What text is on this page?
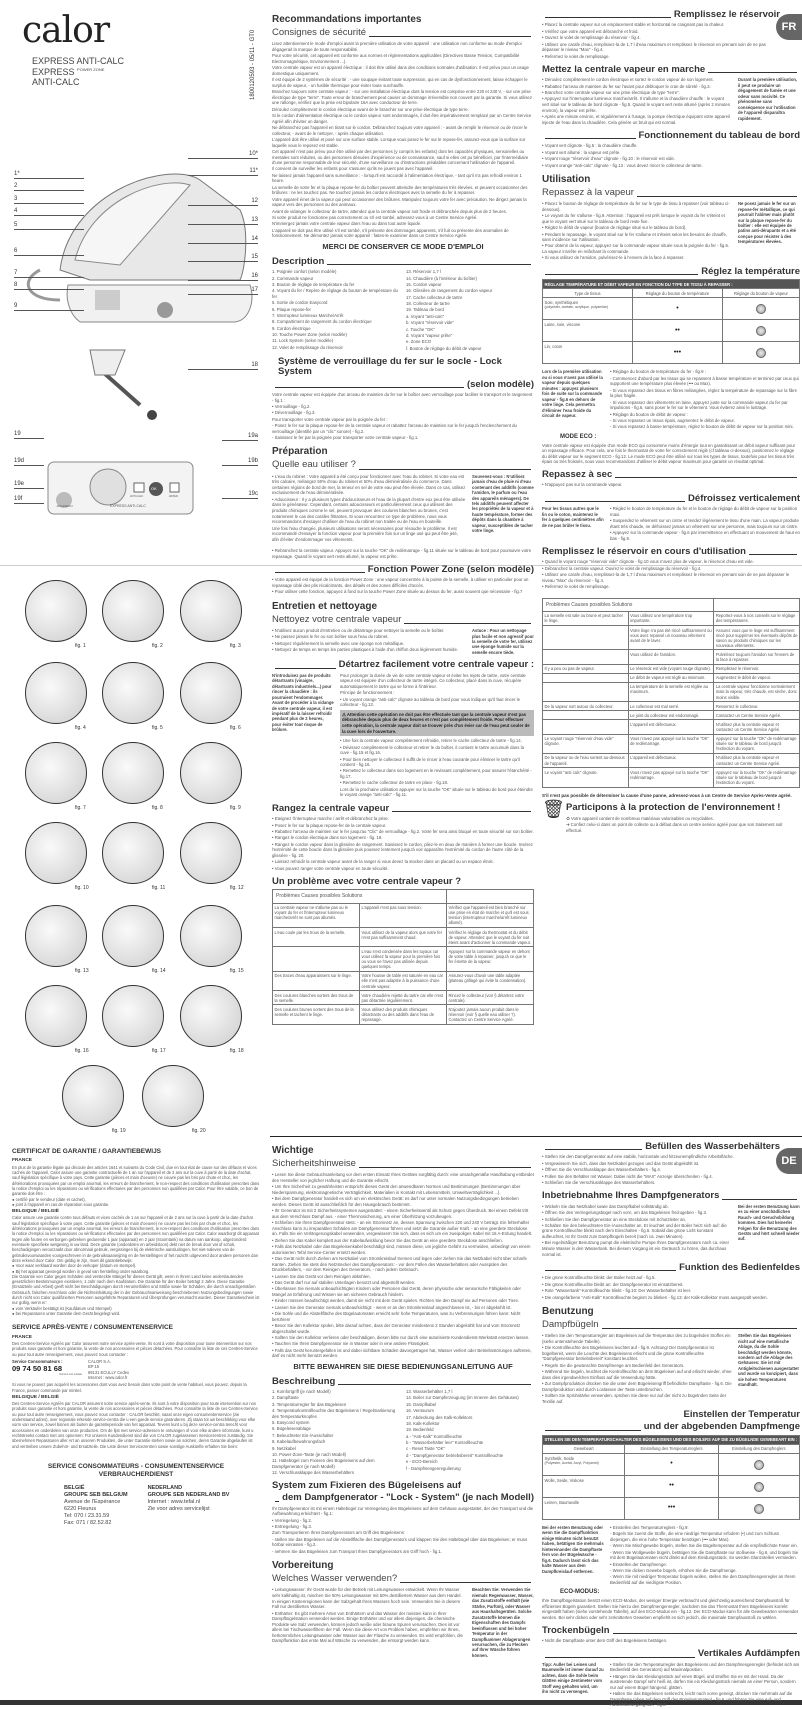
calor
EXPRESS ANTI-CALC
EXPRESS $^{POWER ZONE}$
ANTI-CALC	1800120593 - 05/11 - GT0
OK
ANTI-CALC	WATER
EXPRESS ANTI-CALC
-20% ENERGY
1*
2
3
4
5
6
7
8
9
10*
11*
12
13
14
15
16
17
18
19
19d
19e
19f
19a
19b
19c
fig. 1	fig. 2	fig. 3
fig. 4	fig. 5	fig. 6
fig. 7	fig. 8	fig. 9
fig. 10	fig. 11	fig. 12
fig. 13	fig. 14	fig. 15
fig. 16	fig. 17	fig. 18
fig. 19	fig. 20
FR
DE
Recommandations importantes
Consignes de sécurité
Lisez attentivement le mode d'emploi avant la première utilisation de votre appareil : une utilisation non conforme au mode d'emploi dégagerait la marque de toute responsabilité.
Pour votre sécurité, cet appareil est conforme aux normes et réglementations applicables (Directives Basse Tension, Compatibilité Electromagnétique, Environnement ...).
Votre centrale vapeur est un appareil électrique : il doit être utilisé dans des conditions normales d'utilisation. Il est prévu pour un usage domestique uniquement.
Il est équipé de 2 systèmes de sécurité : - une soupape évitant toute surpression, qui en cas de dysfonctionnement, laisse échapper le surplus de vapeur, - un fusible thermique pour éviter toute surchauffe.
Branchez toujours votre centrale vapeur : - sur une installation électrique dont la tension est comprise entre 220 et 240 V, - sur une prise électrique de type "terre". Toute erreur de branchement peut causer un dommage irréversible non couvert par la garantie. Si vous utilisez une rallonge, vérifiez que la prise est bipolaire 16A avec conducteur de terre.
Déroulez complètement le cordon électrique avant de le brancher sur une prise électrique de type terre.
Si le cordon d'alimentation électrique ou le cordon vapeur sont endommagés, il doit être impérativement remplacé par un Centre Service Agréé afin d'éviter un danger.
Ne débranchez pas l'appareil en tirant sur le cordon. Débranchez toujours votre appareil : - avant de remplir le réservoir ou de rincer le collecteur, - avant de le nettoyer, - après chaque utilisation.
L'appareil doit être utilisé et posé sur une surface stable. Lorsque vous posez le fer sur le repose-fer, assurez-vous que la surface sur laquelle vous le reposez est stable.
Cet appareil n'est pas prévu pour être utilisé par des personnes (y compris les enfants) dont les capacités physiques, sensorielles ou mentales sont réduites, ou des personnes dénuées d'expérience ou de connaissance, sauf si elles ont pu bénéficier, par l'intermédiaire d'une personne responsable de leur sécurité, d'une surveillance ou d'instructions préalables concernant l'utilisation de l'appareil.
Il convient de surveiller les enfants pour s'assurer qu'ils ne jouent pas avec l'appareil.
Ne laissez jamais l'appareil sans surveillance : - lorsqu'il est raccordé à l'alimentation électrique, - tant qu'il n'a pas refroidi environ 1 heure.
La semelle de votre fer et la plaque repose-fer du boîtier peuvent atteindre des températures très élevées, et peuvent occasionner des brûlures : ne les touchez pas. Ne touchez jamais les cordons électriques avec la semelle du fer à repasser.
Votre appareil émet de la vapeur qui peut occasionner des brûlures. Manipulez toujours votre fer avec précaution. Ne dirigez jamais la vapeur vers des personnes ou des animaux.
Avant de vidanger le collecteur de tartre, attendez que la centrale vapeur soit froide et débranchée depuis plus de 2 heures.
Si votre produit ne fonctionne pas correctement ou s'il est tombé, adressez-vous à un Centre Service Agréé.
N'immergez jamais votre centrale vapeur dans l'eau ou dans tout autre liquide.
L'appareil ne doit pas être utilisé s'il est tombé, s'il présente des dommages apparents, s'il fuit ou présente des anomalies de fonctionnement. Ne démontez jamais votre appareil : faites-le examiner dans un Centre Service Agréé.
MERCI DE CONSERVER CE MODE D'EMPLOI
Description
1. Poignée confort (selon modèle)
2. Commande vapeur
3. Bouton de réglage de température du fer
4. Voyant du fer / Repère de réglage du bouton de température du fer
5. Sortie de cordon Easycord
6. Plaque repose-fer
7. Interrupteur lumineux Marche/Arrêt
8. Compartiment de rangement du cordon électrique
9. Cordon électrique
10. Touche Power Zone (selon modèle)
11. Lock System (selon modèle)
12. Volet de remplissage du réservoir
13. Réservoir 1,7 l
14. Chaudière (à l'intérieur du boîtier)
15. Cordon vapeur
16. Glissière de rangement du cordon vapeur
17. Cache collecteur de tartre
18. Collecteur de tartre
19. Tableau de bord
a. Voyant "anti-calc"
b. Voyant "réservoir vide"
c. Touche "OK"
d. Voyant "vapeur prête"
e. Zone ECO
f. Bouton de réglage du débit de vapeur
Système de verrouillage du fer sur le socle - Lock System
(selon modèle)
Votre centrale vapeur est équipée d'un arceau de maintien du fer sur le boîtier avec verrouillage pour faciliter le transport et le rangement - fig.1 :
• Verrouillage - fig.2.
• Déverrouillage - fig.3.
Pour transporter votre centrale vapeur par la poignée du fer :
- Posez le fer sur la plaque repose-fer de la centrale vapeur et rabattez l'arceau de maintien sur le fer jusqu'à l'enclenchement du verrouillage (identifié par un "clic" sonore) - fig.2.
- Saisissez le fer par la poignée pour transporter votre centrale vapeur - fig.1.
Préparation
Quelle eau utiliser ?
• L'eau du robinet : Votre appareil a été conçu pour fonctionner avec l'eau du robinet. Si votre eau est très calcaire, mélangez 50% d'eau du robinet et 50% d'eau déminéralisée du commerce. Dans certaines régions de bord de mer, la teneur en sel de votre eau peut être élevée. Dans ce cas, utilisez exclusivement de l'eau déminéralisée.
• Adoucisseur : Il y a plusieurs types d'adoucisseurs et l'eau de la plupart d'entre eux peut être utilisée dans le générateur. Cependant, certains adoucisseurs et particulièrement ceux qui utilisent des produits chimiques comme le sel, peuvent provoquer des coulures blanches ou brunes, c'est notamment le cas des carafes filtrantes. Si vous rencontrez ce type de problème, nous vous recommandons d'essayer d'utiliser de l'eau du robinet non traitée ou de l'eau en bouteille.
Une fois l'eau changée, plusieurs utilisations seront nécessaires pour résoudre le problème. Il est recommandé d'essayer la fonction vapeur pour la première fois sur un linge usé qui peut être jeté, afin d'éviter d'endommager vos vêtements.
Souvenez-vous : N'utilisez jamais d'eau de pluie ni d'eau contenant des additifs (comme l'amidon, le parfum ou l'eau des appareils ménagers). De tels additifs peuvent affecter les propriétés de la vapeur et à haute température, former des dépôts dans la chambre à vapeur, susceptibles de tacher votre linge.
• Rebranchez la centrale vapeur. Appuyez sur la touche "OK" de redémarrage - fig.11 située sur le tableau de bord pour poursuivre votre repassage. Quand le voyant vert reste allumé, la vapeur est prête.
Fonction Power Zone (selon modèle)
• Votre appareil est équipé de la fonction Power Zone : une vapeur concentrée à la pointe de la semelle, à utiliser en particulier pour un repassage ciblé des plis récalcitrants, des détails et des zones difficiles d'accès.
• Pour utiliser cette fonction, appuyez à fond sur la touche Power Zone située au dessus du fer, aussi souvent que nécessaire - fig.7
Entretien et nettoyage
Nettoyez votre centrale vapeur
• N'utilisez aucun produit d'entretien ou de détartrage pour nettoyer la semelle ou le boîtier.
• Ne passez jamais le fer ou son boîtier sous l'eau du robinet.
• Nettoyez régulièrement la semelle avec une éponge non métallique.
• Nettoyez de temps en temps les parties plastiques à l'aide d'un chiffon doux légèrement humide.
Astuce : Pour un nettoyage plus facile et non agressif pour la semelle de votre fer, utilisez une éponge humide sur la semelle encore tiède.
Détartrez facilement votre centrale vapeur :
N'introduisez pas de produits détartrants (vinaigre, détartrants industriels...) pour rincer la chaudière : ils pourraient l'endommager. Avant de procéder à la vidange de votre centrale vapeur, il est impératif de la laisser refroidir pendant plus de 2 heures, pour éviter tout risque de brûlure.
Pour prolonger la durée de vie de votre centrale vapeur et éviter les rejets de tartre, votre centrale vapeur est équipée d'un collecteur de tartre intégré. Ce collecteur, placé dans la cuve, récupère automatiquement le tartre qui se forme à l'intérieur.
Principe de fonctionnement :
• Un voyant orange "anti-calc" clignote au tableau de bord pour vous indiquer qu'il faut rincer le collecteur - fig.13.
⚠ Attention cette opération ne doit pas être effectuée tant que la centrale vapeur n'est pas débranchée depuis plus de deux heures et n'est pas complètement froide. Pour effectuer cette opération, la centrale vapeur doit se trouver près d'un évier car de l'eau peut couler de la cuve lors de l'ouverture.
• Une fois la centrale vapeur complètement refroidie, retirer le cache collecteur de tartre - fig.14.
• Dévissez complètement le collecteur et retirer le du boîtier, il contient le tartre accumulé dans la cuve - fig.15 et fig.16.
• Pour bien nettoyer le collecteur il suffit de le rincer à l'eau courante pour éliminer le tartre qu'il contient - fig.16.
• Remettez le collecteur dans son logement en le revissant complètement, pour assurer l'étanchéité - fig.17.
• Remettez le cache collecteur de tartre en place - fig.18.
Lors de la prochaine utilisation appuyer sur la touche "OK" située sur le tableau de bord pour éteindre le voyant orange "anti-calc" - fig.11.
Rangez la centrale vapeur
• Eteignez l'interrupteur marche / arrêt et débranchez la prise.
• Posez le fer sur la plaque repose-fer de la centrale vapeur.
• Rabattez l'arceau de maintien sur le fer jusqu'au "Clic" de verrouillage - fig.2. Votre fer sera ainsi bloqué en toute sécurité sur son boîtier.
• Rangez le cordon électrique dans son logement - fig. 19.
• Rangez le cordon vapeur dans la glissière de rangement. Saisissez le cordon, pliez-le en deux de manière à former une boucle. Insérez l'extrémité de cette boucle dans la glissière puis poussez lentement jusqu'à voir apparaître l'extrémité du cordon de l'autre côté de la glissière - fig. 20.
• Laissez refroidir la centrale vapeur avant de la ranger si vous devez la stocker dans un placard ou un espace étroit.
• Vous pouvez ranger votre centrale vapeur en toute sécurité.
Un problème avec votre centrale vapeur ?
Problèmes Causes possibles Solutions		
La centrale vapeur ne s'allume pas ou le voyant du fer et l'interrupteur lumineux marche/arrêt ne sont pas allumés.	L'appareil n'est pas sous tension.	Vérifiez que l'appareil est bien branché sur une prise en état de marche et qu'il est sous tension (interrupteur marche/arrêt lumineux allumé).
L'eau coule par les trous de la semelle.	Vous utilisez de la vapeur alors que votre fer n'est pas suffisamment chaud.	Vérifiez le réglage du thermostat et du débit de vapeur. Attendez que le voyant du fer soit éteint avant d'actionner la commande vapeur.
	L'eau s'est condensée dans les tuyaux car vous utilisez la vapeur pour la première fois ou vous ne l'avez pas utilisée depuis quelques temps.	Appuyez sur la commande vapeur en dehors de votre table à repasser, jusqu'à ce que le fer émette de la vapeur.
Des traces d'eau apparaissent sur le linge.	Votre housse de table est saturée en eau car elle n'est pas adaptée à la puissance d'une centrale vapeur.	Assurez-vous d'avoir une table adaptée (plateau grillagé qui évite la condensation).
Des coulures blanches sortent des trous de la semelle.	Votre chaudière rejette du tartre car elle n'est pas détartrée régulièrement.	Rincez le collecteur (voir § détartrez votre centrale).
Des coulures brunes sortent des trous de la semelle et tachent le linge.	Vous utilisez des produits chimiques détartrants ou des additifs dans l'eau de repassage.	N'ajoutez jamais aucun produit dans le réservoir (voir § quelle eau utiliser ?). Contactez un Centre Service Agréé.
Wichtige
Sicherheitshinweise
• Lesen Sie diese Gebrauchsanleitung vor dem ersten Einsatz Ihres Gerätes sorgfältig durch: eine unsachgemäße Handhabung entbindet den Hersteller von jeglicher Haftung und die Garantie erlischt.
• Um Ihre Sicherheit zu gewährleisten entspricht dieses Gerät den anwendbaren Normen und Bestimmungen (Bestimmungen über Niederspannung, elektromagnetische Verträglichkeit, Materialien in Kontakt mit Lebensmitteln, Umweltverträglichkeit ...).
• Bei dem Dampfgenerator handelt es sich um ein elektrisches Gerät: es darf nur unter normalen Nutzungsbedingungen betrieben werden. Dieses Gerät ist ausschließlich für den Hausgebrauch bestimmt.
• Ihr Generator ist mit 2 Sicherheitssystemen ausgestattet: - einem Sicherheitsventil als Schutz gegen Überdruck. Bei einem Defekt tritt aus dem Verschluss Dampf aus. - einer Thermosicherung, um einer Überhitzung vorzubeugen.
• Schließen Sie Ihren Dampfgenerator stets: - an ein Stromnetz an, dessen Spannung zwischen 220 und 240 V beträgt. Ein fehlerhafter Anschluss kann zu irreparablen Schäden am Dampfgenerator führen und setzt die Garantie außer Kraft. - an eine geerdete Steckdose an. Falls Sie ein Verlängerungskabel verwenden, vergewissern Sie sich, dass es sich um ein zweipoliges Kabel mit 16 A-Erdung handelt.
• Ziehen Sie das Kabel komplett aus der Kabelaufwicklung bevor Sie das Gerät an eine geerdete Steckdose anschließen.
• Falls das Netzkabel oder das Bügeleisenkabel beschädigt sind, müssen diese, um jegliche Gefahr zu vermeiden, unbedingt von einem autorisierten Tefal Service-Center ersetzt werden.
• Das Gerät nicht durch Ziehen am Netzkabel vom Stromkreislauf trennen und legen oder ziehen Sie das Netzkabel nicht über scharfe Kanten. Ziehen Sie stets den Netzstecker des Dampfgenerators: - vor dem Füllen des Wasserbehälters oder Ausspülen des Druckbehälters, - vor dem Reinigen des Generators, - nach jedem Gebrauch.
• Lassen Sie das Gerät vor dem Reinigen abkühlen.
• Das Gerät darf nur auf stabilen Unterlagen benutzt und abgestellt werden.
• Überlassen Sie niemals unbeaufsichtigten Kindern oder Personen das Gerät, deren physische oder sensorische Fähigkeiten oder Mangel an Erfahrung und Wissen sie am sicheren Gebrauch hindern.
• Kinder müssen beaufsichtigt werden, damit sie nicht mit dem Gerät spielen. Richten Sie den Dampf nie auf Personen oder Tiere.
• Lassen Sie den Generator niemals unbeaufsichtigt: - wenn er an den Stromkreislauf angeschlossen ist, - bis er abgekühlt ist.
• Die Sohle und die Abstellfläche des Bügelautomaten erreicht sehr hohe Temperaturen, was zu Verbrennungen führen kann: Nicht berühren!
• Bevor Sie den Kollektor spülen, bitte darauf achten, dass der Generator mindestens 2 Stunden abgekühlt hat und vom Stromnetz abgeschaltet wurde.
• Sollten Sie den Kollektor verlieren oder beschädigen, diesen bitte nur durch eine autorisierte Kundendienst-Werkstatt ersetzen lassen.
• Tauchen Sie Ihren Dampfgenerator nie in Wasser oder in eine andere Flüssigkeit.
• Falls das Gerät heruntergefallen ist und dabei sichtbare Schäden davongetragen hat, Wasser verliert oder Betriebsstörungen auftreten, darf es nicht mehr benutzt werden.
BITTE BEWAHREN SIE DIESE BEDIENUNGSANLEITUNG AUF
Beschreibung
1. Komfortgriff (je nach Modell)
2. Dampftaste
3. Temperaturregler für das Bügeleisen
4. Temperaturkontrollleuchte des Bügeleisens / Regelmarkierung des Temperaturknopfes
5. Easycord system
6. Bügeleisenablage
7. Beleuchteter Ein-/Ausschalter
8. Kabelaufbewahrungsfach
9. Netzkabel
10. Power-Zone-Taste (je nach Modell)
11. Haltebügel zum Fixieren des Bügeleisens auf dem Dampfgenerator (je nach Modell)
12. Verschlussklappe des Wasserbehälters
13. Wasserbehälter 1,7 l
14. Boiler zur Dampferzeugung (im Inneren des Gehäuses)
15. Dampfkabel
16. Ventourum
17. Abdeckung des Kalk-Kollektors
18. Kalk-Kollektor
19. Bedienfeld
a - "Anti-Kalk" Kontrollleuchte
b - "Wasserbehälter leer" Kontrollleuchte
c - Reset Taste "OK"
d - "Dampfgenerator betriebsbereit" Kontrollleuchte
e - ECO-Bereich
f - Dampfmengenregulierung
System zum Fixieren des Bügeleisens auf
dem Dampfgenerator - "Lock - System" (je nach Modell)
Ihr Dampfgenerator ist mit einem Haltebügel zur Verriegelung des Bügeleisens auf dem Gehäuse ausgestattet, der den Transport und die Aufbewahrung erleichtert - fig.1:
• Verriegelung - fig.2.
• Entriegelung - fig.3.
Zum Transportieren Ihres Dampfgenerators am Griff des Bügeleisens:
- stellen Sie das Bügeleisen auf die Abstellfläche des Dampfgenerators und klappen Sie den Haltebügel über das Bügeleisen; er muss hörbar einrasten - fig.2.
- nehmen Sie das Bügeleisen zum Transport Ihres Dampfgenerators am Griff hoch - fig.1.
Vorbereitung
Welches Wasser verwenden?
• Leitungswasser: Ihr Gerät wurde für den Betrieb mit Leitungswasser entwickelt. Wenn Ihr Wasser sehr kalkhaltig ist, mischen Sie 50% Leitungswasser mit 50% destilliertem Wasser aus dem Handel. In einigen Küstenregionen kann der Salzgehalt Ihres Wassers hoch sein. Verwenden Sie in diesem Fall nur destilliertes Wasser.
• Enthärter: Es gibt mehrere Arten von Enthärtern und das Wasser der meisten kann in Ihrer Dampfbügelstation verwendet werden. Einige Enthärter und vor allem diejenigen, die chemische Produkte wie Salz verwenden, können jedoch weiße oder braune Spuren verursachen. Dies ist vor allem bei Tischwasserfiltern der Fall. Wenn Sie diese Art von Problem haben, empfehlen wir Ihnen, herkömmliches Leitungswasser oder Wasser aus der Flasche zu verwenden. Es wird empfohlen, die Dampffunktion das erste Mal auf Wäsche zu verwenden, die entsorgt werden kann.
Beachten Sie: Verwenden Sie niemals Regenwasser, Wasser, das Zusatzstoffe enthält (wie Stärke, Parfüm), oder Wasser aus Haushaltsgeräten. Solche Zusatzstoffe können die Eigenschaften des Dampfs beeinflussen und bei hoher Temperatur in der Dampfkammer Ablagerungen verursachen, die zu Flecken auf Ihrer Wäsche führen können.
Remplissez le réservoir
• Placez la centrale vapeur sur un emplacement stable et horizontal ne craignant pas la chaleur.
• Vérifiez que votre appareil est débranché et froid.
• Ouvrez le volet de remplissage du réservoir - fig.4.
• Utilisez une carafe d'eau, remplissez-la de 1,7 l d'eau maximum et remplissez le réservoir en prenant soin de ne pas dépasser le niveau "Max" - fig.4.
• Refermez le volet de remplissage.
Mettez la centrale vapeur en marche
• Déroulez complètement le cordon électrique et sortez le cordon vapeur de son logement.
• Rabattez l'arceau de maintien du fer sur l'avant pour débloquer le cran de sûreté - fig.3.
• Branchez votre centrale vapeur sur une prise électrique de type "terre".
• Appuyez sur l'interrupteur lumineux marche/arrêt. Il s'allume et la chaudière chauffe : le voyant vert situé sur le tableau de bord clignote - fig.5. Quand le voyant vert reste allumé (après 2 minutes environ), la vapeur est prête.
• Après une minute environ, et régulièrement à l'usage, la pompe électrique équipant votre appareil injecte de l'eau dans la chaudière. Cela génère un bruit qui est normal.
Durant la première utilisation, il peut se produire un dégagement de fumée et une odeur sans nocivité. Ce phénomène sans conséquence sur l'utilisation de l'appareil disparaîtra rapidement.
Fonctionnement du tableau de bord
• Voyant vert clignote - fig.5 : la chaudière chauffe.
• Voyant vert allumé : la vapeur est prête.
• Voyant rouge "réservoir d'eau" clignote - fig.10 : le réservoir est vide.
• Voyant orange "anti-calc" clignote - fig.13 : vous devez rincer le collecteur de tartre.
Utilisation
Repassez à la vapeur
• Placez le bouton de réglage de température du fer sur le type de tissu à repasser (voir tableau ci-dessous).
• Le voyant du fer s'allume - fig.9. Attention : l'appareil est prêt lorsque le voyant du fer s'éteint et que le voyant vert situé sur le tableau de bord reste fixe.
• Réglez le débit de vapeur (bouton de réglage situé sur le tableau de bord).
• Pendant le repassage, le voyant situé sur le fer s'allume et s'éteint selon les besoins de chauffe, sans incidence sur l'utilisation.
• Pour obtenir de la vapeur, appuyez sur la commande vapeur située sous la poignée du fer - fig.6. La vapeur s'arrête en relâchant la commande.
• Si vous utilisez de l'amidon, pulvérisez-le à l'envers de la face à repasser.
Ne posez jamais le fer sur un repose-fer métallique, ce qui pourrait l'abîmer mais plutôt sur la plaque repose-fer du boîtier : elle est équipée de patins anti-dérapants et a été conçue pour résister à des températures élevées.
Réglez la température
RÉGLAGE TEMPÉRATURE ET DÉBIT VAPEUR EN FONCTION DU TYPE DE TISSU À REPASSER :		
Type de tissus	Réglage du bouton de température	Réglage du bouton de vapeur

Soie, synthétiques
(polyester, acetate, acrylique, polyamide)	•	

Laine, soie, viscose	••	

Lin, coton	•••	
Lors de la première utilisation ou si vous n'avez pas utilisé la vapeur depuis quelques minutes : appuyez plusieurs fois de suite sur la commande vapeur - fig.6 en dehors de votre linge. Cela permettra d'éliminer l'eau froide du circuit de vapeur.
• Réglage du bouton de température du fer - fig.9 :
- Commencez d'abord par les tissus qui se repassent à basse température et terminez par ceux qui supportent une température plus élevée (••• ou Max).
- Si vous repassez des tissus en fibres mélangées, réglez la température de repassage sur la fibre la plus fragile.
- Si vous repassez des vêtements en laine, appuyez juste sur la commande vapeur du fer par impulsions - fig.6, sans poser le fer sur le vêtement. Vous éviterez ainsi le lustrage.
• Réglage du bouton de débit de vapeur :
- Si vous repassez un tissus épais, augmentez le débit de vapeur.
- Si vous repassez à basse température, réglez le bouton de débit de vapeur sur la position mini.
MODE ECO :
Votre centrale vapeur est équipée d'un mode ECO qui consomme moins d'énergie tout en garantissant un débit vapeur suffisant pour un repassage efficace. Pour cela, une fois le thermostat de votre fer correctement réglé (cf tableau ci-dessus), positionnez le réglage du débit vapeur sur le segment ECO - fig.12. Le mode ECO peut être utilisé sur tous les types de tissus, toutefois pour les tissus très épais ou très froissés, nous vous recommandons d'utiliser le débit vapeur maximum pour garantir un résultat optimal.
Repassez à sec
• N'appuyez pas sur la commande vapeur.
Défroissez verticalement
Pour les tissus autres que le lin ou le coton, maintenez le fer à quelques centimètres afin de ne pas brûler le tissu.
• Réglez le bouton de température du fer et le bouton de réglage du débit de vapeur sur la position maxi.
• Suspendez le vêtement sur un cintre et tendez légèrement le tissu d'une main. La vapeur produite étant très chaude, ne défroissez jamais un vêtement sur une personne, mais toujours sur un cintre.
• Appuyez sur la commande vapeur - fig.6 par intermittence en effectuant un mouvement de haut en bas - fig.8.
Remplissez le réservoir en cours d'utilisation
• Quand le voyant rouge "réservoir vide" clignote - fig.10 vous n'avez plus de vapeur, le réservoir d'eau est vide.
• Débranchez la centrale vapeur. Ouvrez le volet de remplissage du réservoir - fig.4.
• Utilisez une carafe d'eau, remplissez-la de 1,7 l d'eau maximum et remplissez le réservoir en prenant soin de ne pas dépasser le niveau "Max" du réservoir - fig.4.
• Refermez le volet de remplissage.
Problèmes Causes possibles Solutions		
La semelle est sale ou brune et peut tacher le linge.	Vous utilisez une température trop importante.	Reportez-vous à nos conseils sur le réglage des températures.
	Votre linge n'a pas été rincé suffisamment ou vous avez repassé un nouveau vêtement avant de le laver.	Assurez vous que le linge est suffisamment rincé pour supprimer les éventuels dépôts de savon ou produits chimiques sur les nouveaux vêtements.
	Vous utilisez de l'amidon.	Pulvérisez toujours l'amidon sur l'envers de la face à repasser.
Il y a peu ou pas de vapeur.	Le réservoir est vide (voyant rouge clignote).	Remplissez le réservoir.
	Le débit de vapeur est réglé au minimum.	Augmentez le débit de vapeur.
	La température de la semelle est réglée au maximum.	La centrale vapeur fonctionne normalement mais la vapeur, très chaude, est sèche, donc moins visible.
De la vapeur sort autour du collecteur.	Le collecteur est mal serré.	Resserrez le collecteur.
	Le joint du collecteur est endommagé.	Contactez un Centre Service Agréé.
	L'appareil est défectueux.	N'utilisez plus la centrale vapeur et contactez un Centre Service Agréé.
Le voyant rouge "réservoir d'eau vide" clignote.	Vous n'avez pas appuyé sur la touche "OK" de redémarrage.	Appuyez sur la touche "OK" de redémarrage située sur le tableau de bord jusqu'à l'extinction du voyant.
De la vapeur ou de l'eau sortent au-dessous de l'appareil.	L'appareil est défectueux.	N'utilisez plus la centrale vapeur et contactez un Centre Service Agréé.
Le voyant "anti calc" clignote.	Vous n'avez pas appuyé sur la touche "OK" redémarrage.	Appuyez sur la touche "OK" de redémarrage située sur le tableau de bord jusqu'à l'extinction du voyant.
S'il n'est pas possible de déterminer la cause d'une panne, adressez-vous à un Centre de Service Après-Vente agréé.
Participons à la protection de l'environnement !
♻ Votre appareil contient de nombreux matériaux valorisables ou recyclables.
➜ Confiez celui-ci dans un point de collecte ou à défaut dans un centre service agréé pour que son traitement soit effectué.
🗑
Befüllen des Wasserbehälters
• Stellen Sie den Dampfgenerator auf eine stabile, horizontale und hitzeunempfindliche Arbeitsfläche.
• Vergewissern Sie sich, dass das Netzkabel gezogen und das Gerät abgekühlt ist.
• Öffnen Sie die Verschlussklappe des Wasserbehälters - fig.4.
• Füllen Sie den Behälter mit Wasser. Dabei nicht die "MAX" Anzeige überschreiten - fig.4.
• Schließen Sie die Verschlussklappe des Wasserbehälters.
Inbetriebnahme Ihres Dampfgenerators
• Wickeln Sie das Netzkabel sowie das Dampfkabel vollständig ab.
• Öffnen Sie den Verriegelungsbügel nach vorn, um das Bügeleisen freizugeben - fig.3.
• Schließen Sie den Dampfgenerator an eine Steckdose mit Schutzleiter an.
• Schalten Sie den beleuchteten Ein-/Ausschalter an. Er leuchtet und der Boiler heizt sich auf: die grüne Kontrollleuchte blinkt nach dem Einschalten - fig.5. Sobald das grüne Licht konstant aufleuchtet, ist Ihr Gerät zum Dampfbügeln bereit (nach ca. zwei Minuten).
• Bei regelmäßiger Benutzung pumpt die elektrische Pumpe Ihres Dampfgenerators nach ca. einer Minute Wasser in den Wassertank. Bei diesem Vorgang ist ein Geräusch zu hören, das durchaus normal ist.
Bei der ersten Benutzung kann es zu einer unschädlichen Rauch- und Geruchsbildung kommen. Dies hat keinerlei Folgen für die Benutzung des Geräts und hört schnell wieder auf.
Funktion des Bedienfeldes
• Die grüne Kontrollleuchte blinkt: der Boiler heizt auf - fig.5.
• Die grüne Kontrollleuchte bleibt an: der Dampfgenerator ist einsatzbereit.
• Rote "Wassertank"-Kontrollleuchte blinkt - fig.10: Der Wasserbehälter ist leer.
• Die orangefarbene "Anti-Kalk" Kontrollleuchte beginnt zu blinken - fig.13: der Kalk-Kollektor muss ausgespült werden.
Benutzung
Dampfbügeln
• Stellen Sie den Temperaturregler am Bügeleisen auf die Temperatur des zu bügelnden Stoffes ein (siehe untenstehende Tabelle).
• Die Kontrollleuchte des Bügeleisens leuchtet auf - fig.9. Achtung! Der Dampfgenerator ist bügelbereit, wenn die Leuchte des Bügeleisens erlischt und die grüne Kontrollleuchte "Dampfgenerator betriebsbereit" konstant leuchtet.
• Regeln Sie die gewünschte Dampfmenge am Bedienfeld des Generators.
• Während Sie bügeln, leuchtet die Kontrollleuchte an dem Bügeleisen auf und erlischt wieder, ohne dass dies irgendwelchen Einfluss auf die Verwendung hätte.
• Zur Dampfproduktion drücken Sie die unter dem Bügeleisengriff befindliche Dampftaste - fig.6. Die Dampfproduktion wird durch Loslassen der Taste unterbrochen.
• Sollten Sie Sprühstärke verwenden, sprühen Sie diese nur auf der nicht zu bügelnden Seite der Textilie auf.
Stellen Sie das Bügeleisen nicht auf eine metallische Ablage, da die Sohle beschädigt werden könnte, sondern auf die Ablage des Gehäuses: Sie ist mit Antigleitschienen ausgestattet und wurde so konzipiert, dass sie hohen Temperaturen standhält.
Einstellen der Temperatur
und der abgebenden Dampfmenge
STELLEN SIE DEN TEMPERATURSCHALTER DES BÜGELEISENS UND DES BOILERS AUF DIE ZU BÜGELNDE GEWEBEART EIN :		
Gewebeart	Einstellung des Temperaturreglers	Einstellung des Dampfreglers

Synthetik, Seide
(Polyester, Acetat, Acryl, Polyamid)	•	

Wolle, Seide, Viskose	••	

Leinen, Baumwolle	•••	
Bei der ersten Benutzung oder wenn Sie die Dampffunktion einige Minuten nicht benutzt haben, betätigen Sie mehrmals hintereinander die Dampftaste fern von der Bügelwäsche - fig.6. Dadurch lässt sich das kalte Wasser aus dem Dampfkreislauf entfernen.
• Einstellen des Temperaturreglers - fig.9:
- Bügeln Sie zuerst die Stoffe, die eine niedrige Temperatur erfodern (•) und zum Schluss diejenigen, die eine hohe Temperatur benötigen (••• oder Max).
- Wenn Sie Mischgewebe bügeln, stellen Sie die Bügeltemperatur auf die empfindlichste Faser ein.
- Wenn Sie Wollgewebe bügeln, betätigen Sie die Dampftaste nur stoßweise - fig.6, und bügeln Sie mit dem Bügelautomaten nicht direkt auf dem Kleidungsstück. So werden Glanzstellen vermieden.
• Einstellen der Dampfmenge:
- Wenn Sie dicken Gewebe bügeln, erhöhen Sie die Dampfmenge.
- Wenn Sie mit niedriger Temperatur bügeln wollen, stellen Sie den Dampfmengenregler an Ihrem Bedienfeld auf die niedrigste Position.
ECO-MODUS:
Ihre Dampfbügelstation besitzt einen ECO-Modus, der weniger Energie verbraucht und gleichzeitig ausreichend Dampfausstoß für effizientes Bügeln garantiert. Stellen Sie hierzu den Dampfmengenregler, nachdem Sie das Thermostat Ihres Bügeleisens korrekt eingestellt haben (siehe vorstehende Tabelle), auf den ECO-Modus ein - fig.12. Der ECO-Modus kann für alle Gewebearten verwendet werden. Bei sehr dicken oder sehr zerknitterten Geweben empfiehlt es sich jedoch, die maximale Dampfausstoß zu wählen.
Trockenbügeln
• Nicht die Dampftaste unter dem Griff des Bügeleisens betätigen.
Vertikales Aufdämpfen
Tipp: Außer bei Leinen und Baumwolle ist immer darauf zu achten, dass die Sohle beim Glätten einige Zentimeter vom Stoff weg gehalten wird, um ihn nicht zu versengen.
• Stellen Sie den Temperaturregler des Bügeleisens und den Dampfmengenregler (befindet sich am Bedienfeld des Generators) auf Maximalposition.
• Hängen Sie das Kleidungsstück auf einen Bügel, und straffen Sie es mit der Hand. Da der austretende Dampf sehr heiß ist, dürfen Sie ein Kleidungsstück niemals an einer Person, sondern nur auf einem Bügel hängend, glätten.
• Halten Sie das Bügeleisen senkrecht, leicht nach vorne geneigt, drücken Sie mehrmals auf die Dampftaste (oben auf dem Griff des Bügelautomaten) - fig.6, und führen Sie eine Auf- und Abwärtsbewegung aus - fig.8.
CERTIFICAT DE GARANTIE / GARANTIEBEWIJS
FRANCE
En plus de la garantie légale qui découle des articles 1641 et suivants du Code Civil, due en tout état de cause sur des défauts et vices cachés de l'appareil, Calor assure une garantie contractuelle de 1 an sur l'appareil et de 2 ans sur la cuve à partir de la date d'achat, sauf législation spécifique à votre pays. Cette garantie (pièces et main d'oeuvre) ne couvre pas les bris par chute et choc, les détériorations provoquées par un emploi anormal, les erreurs de branchement, le non-respect des conditions d'utilisation prescrites dans la notice d'emploi ou les réparations ou vérifications effectuées par des personnes non qualifiées par Calor. Pour être valable, ce bon de garantie doit être :
● certifié par le vendeur (date et cachet),
● joint à l'appareil en cas de réparation sous garantie.
BELGIQUE / BELGIË
Calor assure une garantie contre tous défauts et vices cachés de 1 an sur l'appareil et de 2 ans sur la cuve à partir de la date d'achat sauf législation spécifique à votre pays. Cette garantie (pièces et main d'oeuvre) ne couvre pas les bris par chute et choc, les détériorations provoquées par un emploi anormal, les erreurs de branchement, le non-respect des conditions d'utilisation prescrites dans la notice d'emploi ou les réparations ou vérifications effectuées par des personnes non qualifiées par Calor. Calor waarborgt dit apparaat tegen alle fouten en verborgen gebreken gedurende 1 jaar (apparaat) en 2 jaar (stoomtank) na datum van aankoop, uitgezonderd eventuele specifieke wetgeving in uw land. Deze garantie (onderdelen en arbeidsloon) dekt niet de breuk door val of schok, beschadigingen veroorzaakt door abnormaal gebruik, vergissingen bij de elektrische aansluitingen, het niet-naleven van de gebruiksvoorwaarden voorgeschreven in de gebruiksaanwijzing en de herstellingen of het nazicht uitgevoerd door andere personen dan deze erkend door Calor. Om geldig te zijn, moet dit garantiebewijs:
● Voor waar verklaard worden door de verkoper (datum en stempel).
● Bij het apparaat gevoegd worden in geval van herstelling onder waarborg.
Die Garantie von Calor gegen Schäden und versteckte Mängel für dieses Gerät gilt, wenn in Ihrem Land keine anderslautenden gesetzlichen Bestimmungen existieren, 1 Jahr nach dem Kaufdatum. Die Garantie für den Boiler beträgt 2 Jahre. Diese Garantie (Ersatzteile und Arbeit) greift nicht bei Beschädigungen durch Herunterfallen und Stöße sowie für Schäden, die durch unsachgemäßen Gebrauch, falschen Anschluss oder die Nichteinhaltung der in der Gebrauchsanweisung beschriebenen Nutzungsbedingungen sowie durch nicht von Calor qualifizierten Personen ausgeführte Reparaturen und Überprüfungen verursacht wurden. Dieser Garantieschein ist nur gültig, wenn er:
● vom Verkäufer bestätigt ist (Kaufdatum und Stempel)
● bei Reparaturen unter Garantie dem Gerät beigelegt wird.
SERVICE APRÈS-VENTE / CONSUMENTENSERVICE
FRANCE
Des Centres-Service Agréés par Calor assurent notre service après-vente. Ils sont à votre disposition pour toute intervention sur nos produits sous garantie et hors garantie, la vente de nos accessoires et pièces détachées. Pour connaître la liste de ces Centres-Service ou pour tout autre renseignement, vous pouvez nous contacter :
Service Consommateurs :
09 74 50 81 68
Numéro non surtaxé
CALOR S.A.
BP 15
69131 ECULLY Cedex
Internet : www.calor.fr
Si vous ne pouvez pas acquérir les accessoires dont vous avez besoin dans votre point de vente habituel, vous pouvez, depuis la France, passer commande par minitel.
BELGIQUE / BELGIË
Des Centres-Service Agréés par CALOR assurent notre service après-vente. Ils sont à votre disposition pour toute intervention sur nos produits sous garantie et hors garantie, la vente de nos accessoires et pièces détachées. Pour connaître la liste de ces Centres-Service ou pour tout autre renseignement, vous pouvez nous contacter : CALOR beschikt, naast onze eigen consumentenservice (zie onderstaand adres), over regionale erkende service-centra die u een goede service garanderen. Zij staan tot uw beschikking voor elke vorm van service, zowel binnen als buiten de garantieperiode van het apparaat. Tevens kunt u bij deze service-centra terecht voor accessoires en onderdelen van onze producten. Om de lijst met service-adressen te ontvangen of voor elke andere informatie, kunt u rechtstreeks contact met ons opnemen: Für unseren Kundendienst sind die von CALOR zugelassenen Servicezentren zuständig. Sie übernehmen Reparaturen aller Art an unseren Produkten, die unter Garantie stehen sowie an solchen, deren Garantie abgelaufen ist und vertreiben unsere Zubehör- und Ersatzteile. Die Liste dieser Servicezentren sowie sonstige Auskünfte erhalten Sie beim:
SERVICE CONSOMMATEURS - CONSUMENTENSERVICE
VERBRAUCHERDIENST
BELGIË
GROUPE SEB BELGIUM
Avenue de l'Espérance
6220 Fleurus
Tel: 070 / 23.31.59
Fax: 071 / 82.52.82
NEDERLAND
GROUPE SEB NEDERLAND BV
Internet : www.tefal.nl
Zie voor adres servicelijst
